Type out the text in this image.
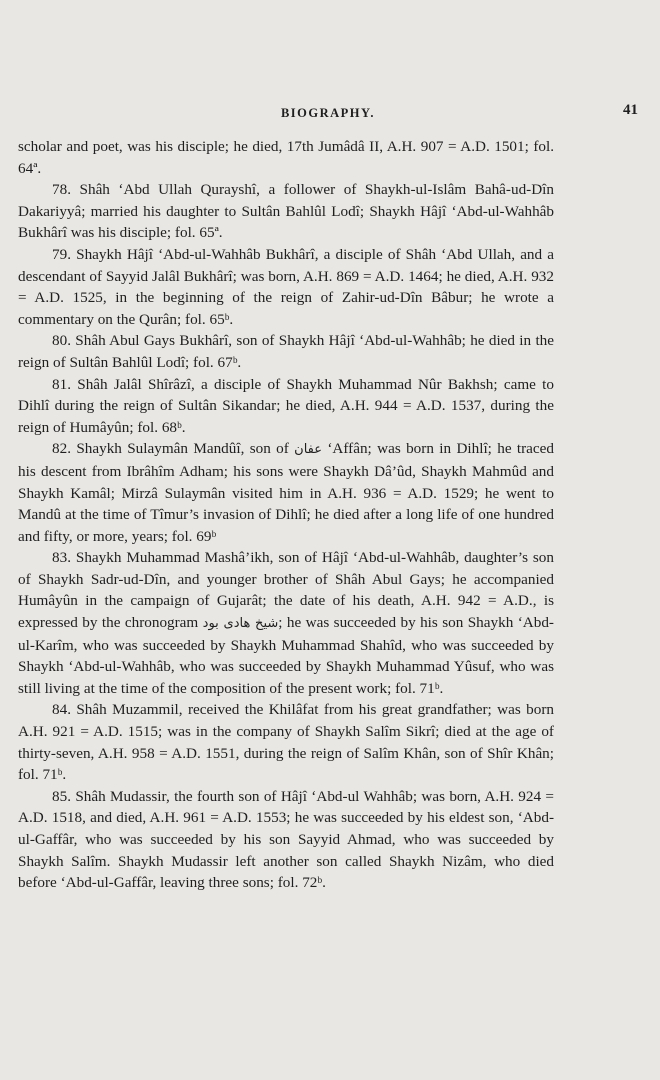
BIOGRAPHY.	41

scholar and poet, was his disciple; he died, 17th Jumâdâ II, A.H. 907 = A.D. 1501; fol. 64ª.

78. Shâh ‘Abd Ullah Qurayshî, a follower of Shaykh-ul-Islâm Bahâ-ud-Dîn Dakariyyâ; married his daughter to Sultân Bahlûl Lodî; Shaykh Hâjî ‘Abd-ul-Wahhâb Bukhârî was his disciple; fol. 65ª.

79. Shaykh Hâjî ‘Abd-ul-Wahhâb Bukhârî, a disciple of Shâh ‘Abd Ullah, and a descendant of Sayyid Jalâl Bukhârî; was born, A.H. 869 = A.D. 1464; he died, A.H. 932 = A.D. 1525, in the beginning of the reign of Zahir-ud-Dîn Bâbur; he wrote a commentary on the Qurân; fol. 65ᵇ.

80. Shâh Abul Gays Bukhârî, son of Shaykh Hâjî ‘Abd-ul-Wahhâb; he died in the reign of Sultân Bahlûl Lodî; fol. 67ᵇ.

81. Shâh Jalâl Shîrâzî, a disciple of Shaykh Muhammad Nûr Bakhsh; came to Dihlî during the reign of Sultân Sikandar; he died, A.H. 944 = A.D. 1537, during the reign of Humâyûn; fol. 68ᵇ.

82. Shaykh Sulaymân Mandûî, son of عفان ‘Affân; was born in Dihlî; he traced his descent from Ibrâhîm Adham; his sons were Shaykh Dâ’ûd, Shaykh Mahmûd and Shaykh Kamâl; Mirzâ Sulaymân visited him in A.H. 936 = A.D. 1529; he went to Mandû at the time of Tîmur’s invasion of Dihlî; he died after a long life of one hundred and fifty, or more, years; fol. 69ᵇ

83. Shaykh Muhammad Mashâ’ikh, son of Hâjî ‘Abd-ul-Wahhâb, daughter’s son of Shaykh Sadr-ud-Dîn, and younger brother of Shâh Abul Gays; he accompanied Humâyûn in the campaign of Gujarât; the date of his death, A.H. 942 = A.D., is expressed by the chronogram شیخ هادی بود; he was succeeded by his son Shaykh ‘Abd-ul-Karîm, who was succeeded by Shaykh Muhammad Shahîd, who was succeeded by Shaykh ‘Abd-ul-Wahhâb, who was succeeded by Shaykh Muhammad Yûsuf, who was still living at the time of the composition of the present work; fol. 71ᵇ.

84. Shâh Muzammil, received the Khilâfat from his great grandfather; was born A.H. 921 = A.D. 1515; was in the company of Shaykh Salîm Sikrî; died at the age of thirty-seven, A.H. 958 = A.D. 1551, during the reign of Salîm Khân, son of Shîr Khân; fol. 71ᵇ.

85. Shâh Mudassir, the fourth son of Hâjî ‘Abd-ul Wahhâb; was born, A.H. 924 = A.D. 1518, and died, A.H. 961 = A.D. 1553; he was succeeded by his eldest son, ‘Abd-ul-Gaffâr, who was succeeded by his son Sayyid Ahmad, who was succeeded by Shaykh Salîm. Shaykh Mudassir left another son called Shaykh Nizâm, who died before ‘Abd-ul-Gaffâr, leaving three sons; fol. 72ᵇ.
